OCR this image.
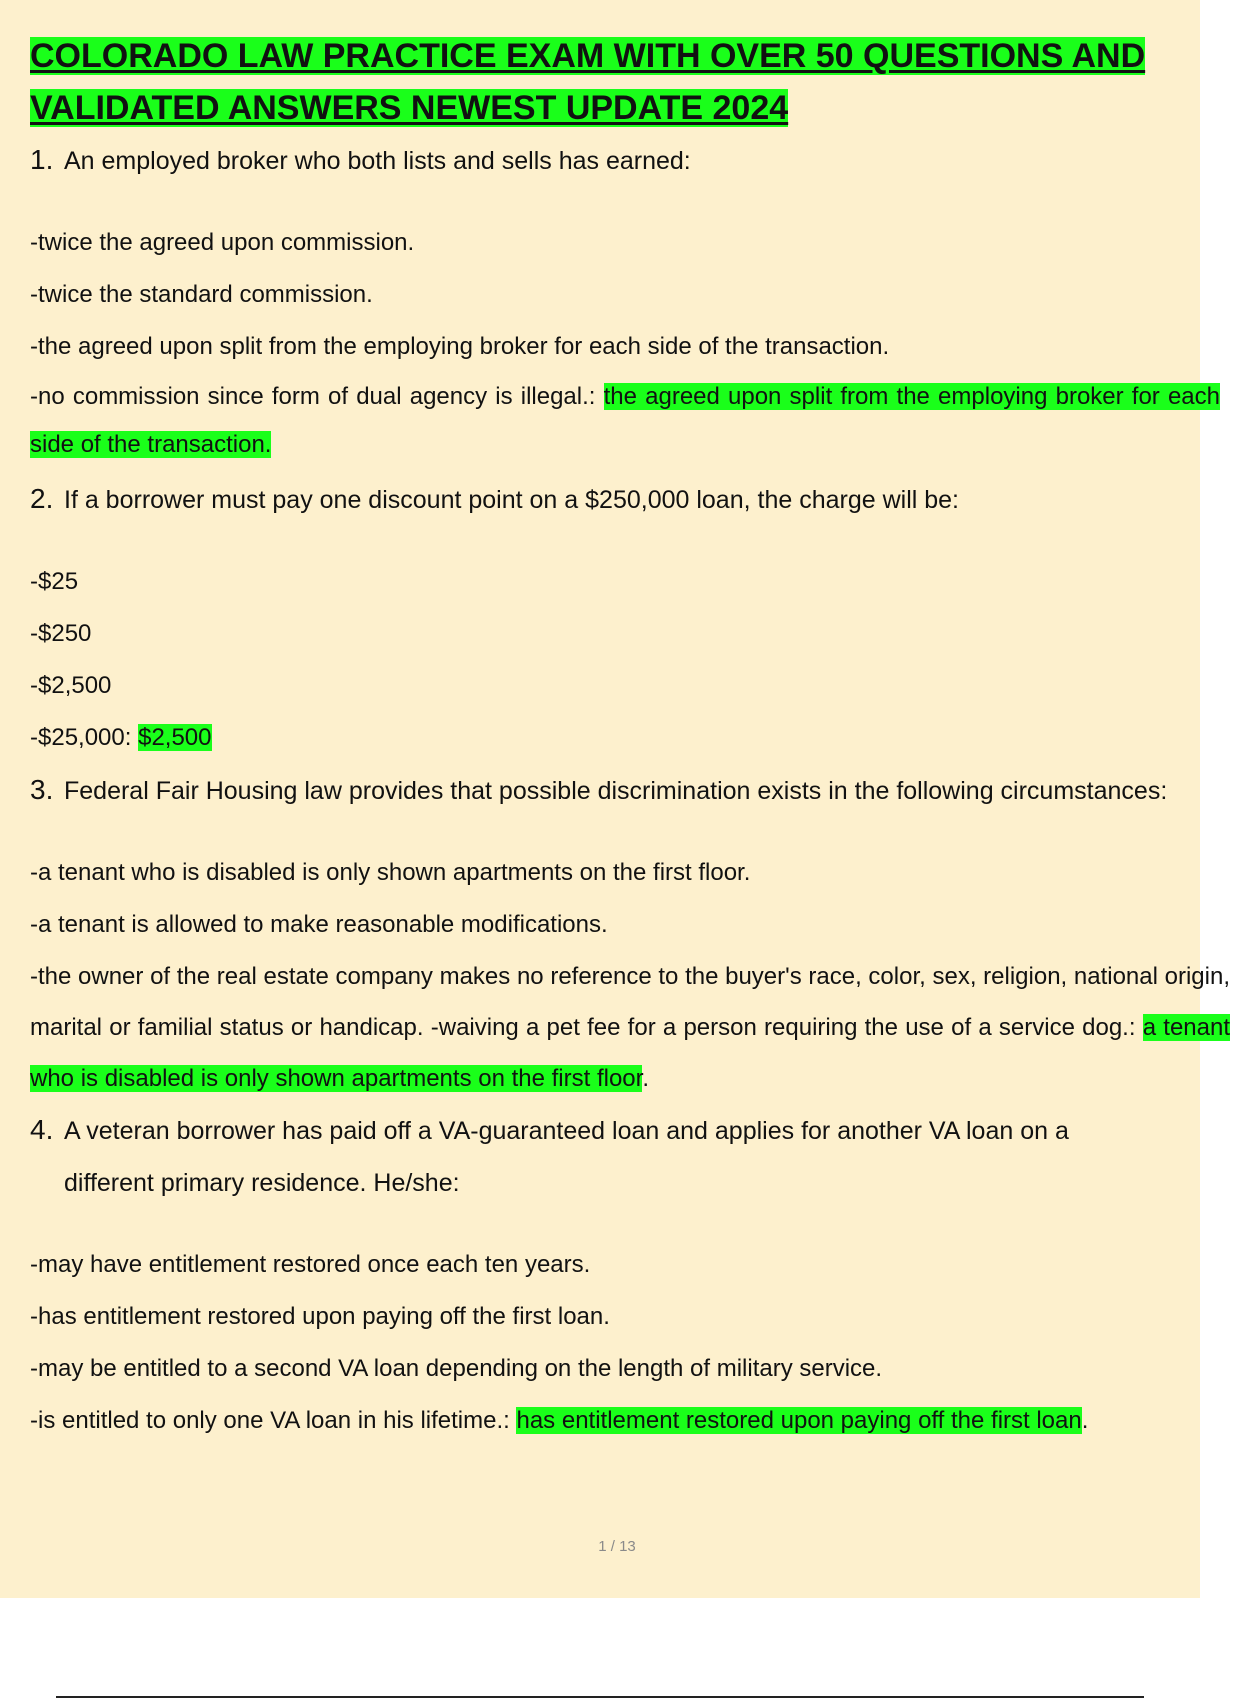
COLORADO LAW PRACTICE EXAM WITH OVER 50 QUESTIONS AND VALIDATED ANSWERS NEWEST UPDATE 2024
1. An employed broker who both lists and sells has earned:
-twice the agreed upon commission.
-twice the standard commission.
-the agreed upon split from the employing broker for each side of the transaction.
-no commission since form of dual agency is illegal.: the agreed upon split from the employing broker for each side of the transaction.
2. If a borrower must pay one discount point on a $250,000 loan, the charge will be:
-$25
-$250
-$2,500
-$25,000: $2,500
3. Federal Fair Housing law provides that possible discrimination exists in the following circumstances:
-a tenant who is disabled is only shown apartments on the first floor.
-a tenant is allowed to make reasonable modifications.
-the owner of the real estate company makes no reference to the buyer's race, color, sex, religion, national origin, marital or familial status or handicap. -waiving a pet fee for a person requiring the use of a service dog.: a tenant who is disabled is only shown apartments on the first floor.
4. A veteran borrower has paid off a VA-guaranteed loan and applies for another VA loan on a different primary residence. He/she:
-may have entitlement restored once each ten years.
-has entitlement restored upon paying off the first loan.
-may be entitled to a second VA loan depending on the length of military service.
-is entitled to only one VA loan in his lifetime.: has entitlement restored upon paying off the first loan.
1 / 13
